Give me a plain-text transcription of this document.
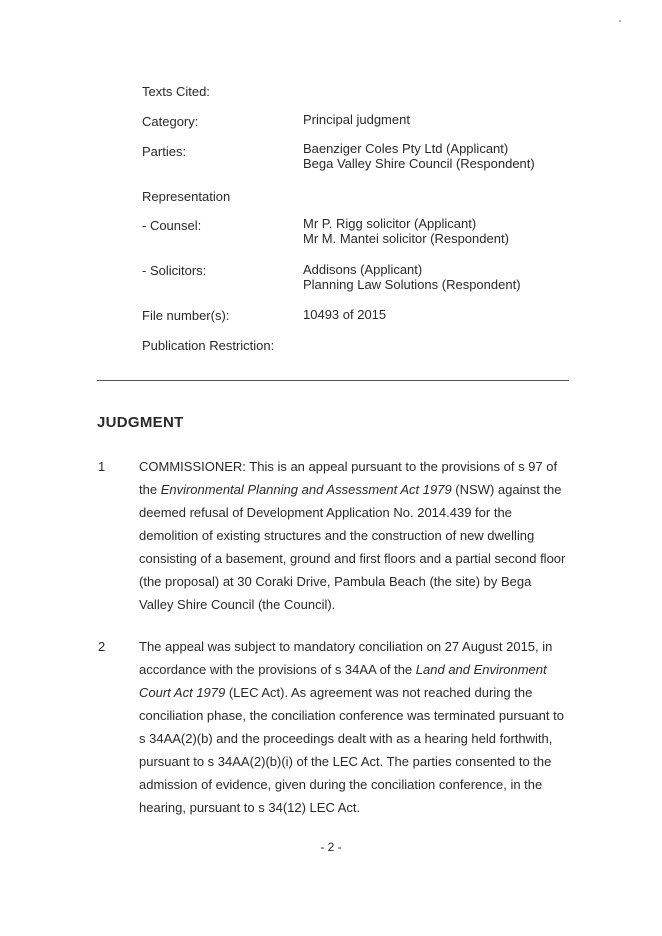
Texts Cited:
Category:	Principal judgment
Parties:	Baenziger Coles Pty Ltd (Applicant)
Bega Valley Shire Council (Respondent)
Representation
- Counsel:	Mr P. Rigg solicitor (Applicant)
Mr M. Mantei solicitor (Respondent)
- Solicitors:	Addisons (Applicant)
Planning Law Solutions (Respondent)
File number(s):	10493 of 2015
Publication Restriction:
JUDGMENT
1	COMMISSIONER: This is an appeal pursuant to the provisions of s 97 of
the Environmental Planning and Assessment Act 1979 (NSW) against the
deemed refusal of Development Application No. 2014.439 for the
demolition of existing structures and the construction of new dwelling
consisting of a basement, ground and first floors and a partial second floor
(the proposal) at 30 Coraki Drive, Pambula Beach (the site) by Bega
Valley Shire Council (the Council).
2	The appeal was subject to mandatory conciliation on 27 August 2015, in
accordance with the provisions of s 34AA of the Land and Environment
Court Act 1979 (LEC Act). As agreement was not reached during the
conciliation phase, the conciliation conference was terminated pursuant to
s 34AA(2)(b) and the proceedings dealt with as a hearing held forthwith,
pursuant to s 34AA(2)(b)(i) of the LEC Act. The parties consented to the
admission of evidence, given during the conciliation conference, in the
hearing, pursuant to s 34(12) LEC Act.
- 2 -
